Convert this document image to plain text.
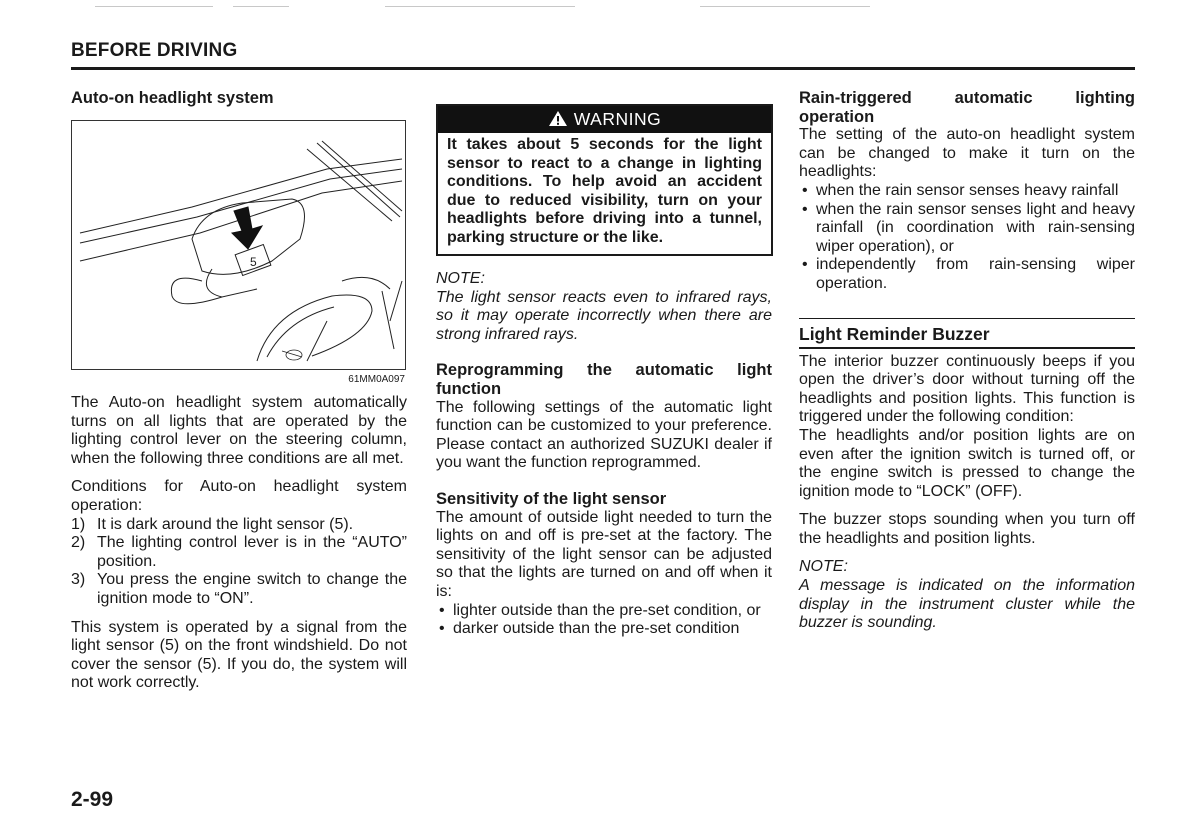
BEFORE DRIVING

Auto-on headlight system

5
61MM0A097

The Auto-on headlight system automatically turns on all lights that are operated by the lighting control lever on the steering column, when the following three conditions are all met.

Conditions for Auto-on headlight system operation:

1) It is dark around the light sensor (5).
2) The lighting control lever is in the “AUTO” position.
3) You press the engine switch to change the ignition mode to “ON”.

This system is operated by a signal from the light sensor (5) on the front windshield. Do not cover the sensor (5). If you do, the system will not work correctly.

WARNING
It takes about 5 seconds for the light sensor to react to a change in lighting conditions. To help avoid an accident due to reduced visibility, turn on your headlights before driving into a tunnel, parking structure or the like.

NOTE:

The light sensor reacts even to infrared rays, so it may operate incorrectly when there are strong infrared rays.

Reprogramming the automatic light function

The following settings of the automatic light function can be customized to your preference. Please contact an authorized SUZUKI dealer if you want the function reprogrammed.

Sensitivity of the light sensor

The amount of outside light needed to turn the lights on and off is pre-set at the factory. The sensitivity of the light sensor can be adjusted so that the lights are turned on and off when it is:

• lighter outside than the pre-set condition, or
• darker outside than the pre-set condition

Rain-triggered automatic lighting operation

The setting of the auto-on headlight system can be changed to make it turn on the headlights:

• when the rain sensor senses heavy rainfall
• when the rain sensor senses light and heavy rainfall (in coordination with rain-sensing wiper operation), or
• independently from rain-sensing wiper operation.

Light Reminder Buzzer

The interior buzzer continuously beeps if you open the driver’s door without turning off the headlights and position lights. This function is triggered under the following condition:

The headlights and/or position lights are on even after the ignition switch is turned off, or the engine switch is pressed to change the ignition mode to “LOCK” (OFF).

The buzzer stops sounding when you turn off the headlights and position lights.

NOTE:

A message is indicated on the information display in the instrument cluster while the buzzer is sounding.

2-99
